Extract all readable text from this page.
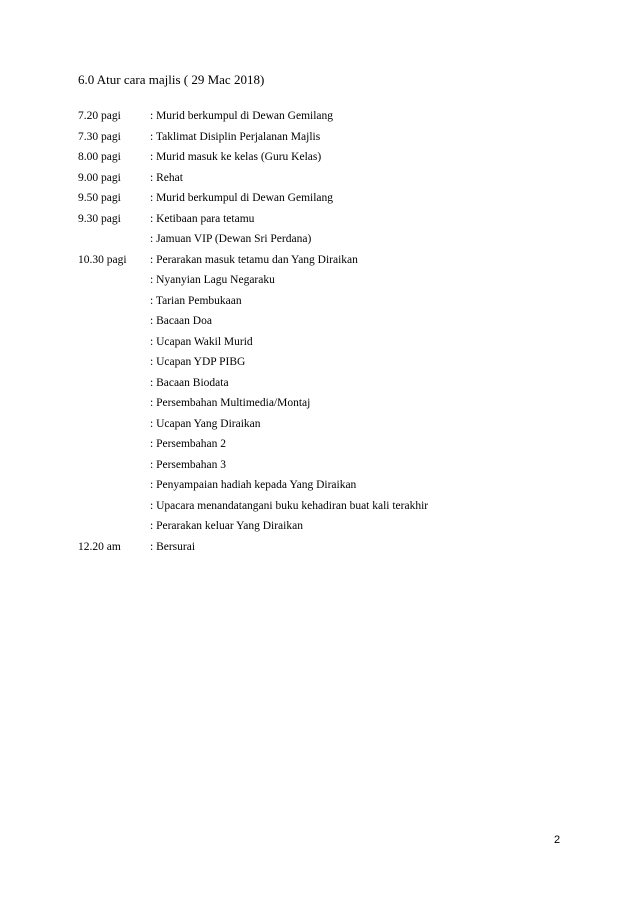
6.0 Atur cara majlis ( 29 Mac 2018)
7.20 pagi	: Murid berkumpul di Dewan Gemilang
7.30 pagi	: Taklimat Disiplin Perjalanan Majlis
8.00 pagi	: Murid masuk ke kelas (Guru Kelas)
9.00 pagi	: Rehat
9.50 pagi	: Murid berkumpul di Dewan Gemilang
9.30 pagi	: Ketibaan para tetamu
: Jamuan VIP (Dewan Sri Perdana)
10.30 pagi : Perarakan masuk tetamu dan Yang Diraikan
: Nyanyian Lagu Negaraku
: Tarian Pembukaan
: Bacaan Doa
: Ucapan Wakil Murid
: Ucapan YDP PIBG
: Bacaan Biodata
: Persembahan Multimedia/Montaj
: Ucapan Yang Diraikan
: Persembahan 2
: Persembahan 3
: Penyampaian hadiah kepada Yang Diraikan
: Upacara menandatangani buku kehadiran buat kali terakhir
: Perarakan keluar Yang Diraikan
12.20 am	: Bersurai
2
